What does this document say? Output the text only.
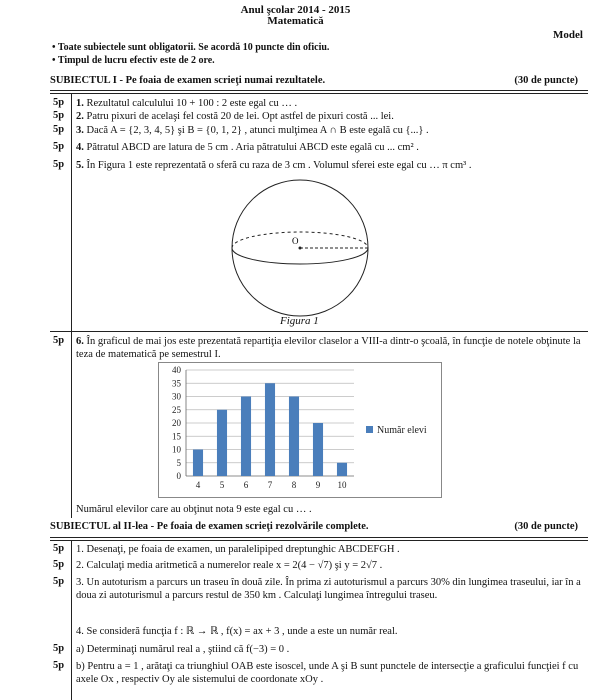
Anul şcolar 2014 - 2015
Matematică
Model
• Toate subiectele sunt obligatorii. Se acordă 10 puncte din oficiu.
• Timpul de lucru efectiv este de 2 ore.
SUBIECTUL I - Pe foaia de examen scrieţi numai rezultatele.	(30 de puncte)
5p 1. Rezultatul calculului 10 + 100 : 2 este egal cu … .
5p 2. Patru pixuri de acelaşi fel costă 20 de lei. Opt astfel de pixuri costă ... lei.
5p 3. Dacă A = {2, 3, 4, 5} şi B = {0, 1, 2} , atunci mulţimea A ∩ B este egală cu {...} .
5p 4. Pătratul ABCD are latura de 5 cm . Aria pătratului ABCD este egală cu ... cm² .
5p 5. În Figura 1 este reprezentată o sferă cu raza de 3 cm . Volumul sferei este egal cu … π cm³ .
O
Figura 1
5p 6. În graficul de mai jos este prezentată repartiţia elevilor claselor a VIII-a dintr-o şcoală, în funcţie de notele obţinute la teza de matematică pe semestrul I.
0
5
10
15
20
25
30
35
40
4 5 6 7 8 9 10
Număr elevi
Numărul elevilor care au obţinut nota 9 este egal cu … .
SUBIECTUL al II-lea - Pe foaia de examen scrieţi rezolvările complete.	(30 de puncte)
5p 1. Desenaţi, pe foaia de examen, un paralelipiped dreptunghic ABCDEFGH .
5p 2. Calculaţi media aritmetică a numerelor reale x = 2(4 − √7) şi y = 2√7 .
5p 3. Un autoturism a parcurs un traseu în două zile. În prima zi autoturismul a parcurs 30% din lungimea traseului, iar în a doua zi autoturismul a parcurs restul de 350 km . Calculaţi lungimea întregului traseu.
4. Se consideră funcţia f : ℝ → ℝ , f(x) = ax + 3 , unde a este un număr real.
5p a) Determinaţi numărul real a , ştiind că f(−3) = 0 .
5p b) Pentru a = 1 , arătaţi ca triunghiul OAB este isoscel, unde A şi B sunt punctele de intersecţie a graficului funcţiei f cu axele Ox , respectiv Oy ale sistemului de coordonate xOy .
